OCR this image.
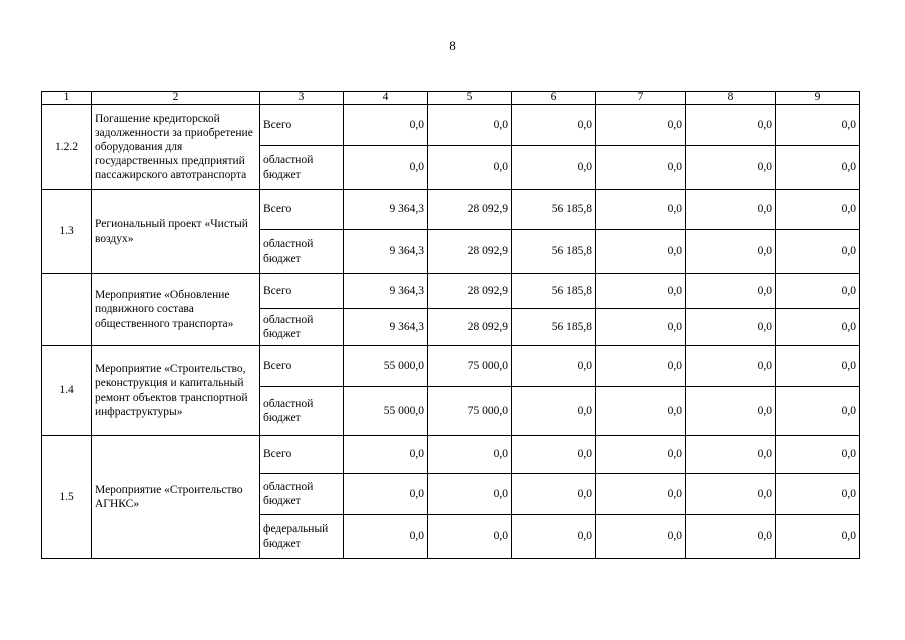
8
1	2	3	4	5	6	7	8	9
1.2.2	Погашение кредиторской задолженности за приобретение оборудования для государственных предприятий пассажирского автотранспорта	Всего	0,0	0,0	0,0	0,0	0,0	0,0
		областной бюджет	0,0	0,0	0,0	0,0	0,0	0,0
1.3	Региональный проект «Чистый воздух»	Всего	9 364,3	28 092,9	56 185,8	0,0	0,0	0,0
		областной бюджет	9 364,3	28 092,9	56 185,8	0,0	0,0	0,0
	Мероприятие «Обновление подвижного состава общественного транспорта»	Всего	9 364,3	28 092,9	56 185,8	0,0	0,0	0,0
		областной бюджет	9 364,3	28 092,9	56 185,8	0,0	0,0	0,0
1.4	Мероприятие «Строительство, реконструкция и капитальный ремонт объектов транспортной инфраструктуры»	Всего	55 000,0	75 000,0	0,0	0,0	0,0	0,0
		областной бюджет	55 000,0	75 000,0	0,0	0,0	0,0	0,0
1.5	Мероприятие «Строительство АГНКС»	Всего	0,0	0,0	0,0	0,0	0,0	0,0
		областной бюджет	0,0	0,0	0,0	0,0	0,0	0,0
		федеральный бюджет	0,0	0,0	0,0	0,0	0,0	0,0
